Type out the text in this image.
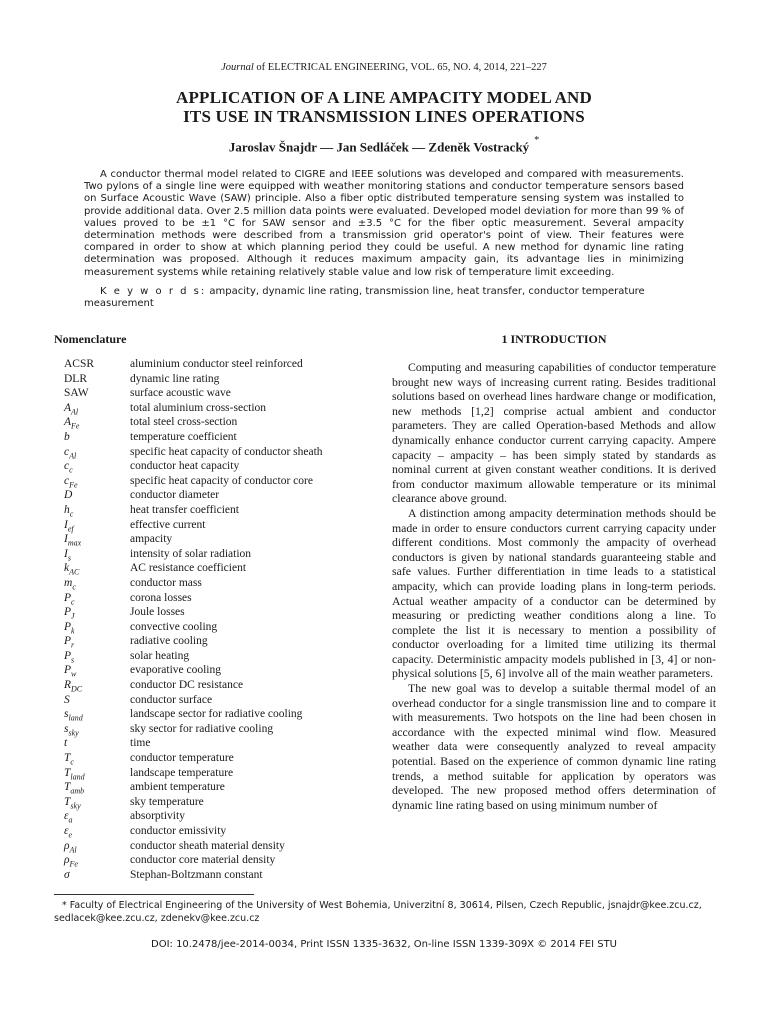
Journal of ELECTRICAL ENGINEERING, VOL. 65, NO. 4, 2014, 221–227
APPLICATION OF A LINE AMPACITY MODEL AND
ITS USE IN TRANSMISSION LINES OPERATIONS
Jaroslav Šnajdr — Jan Sedláček — Zdeněk Vostracký *
A conductor thermal model related to CIGRE and IEEE solutions was developed and compared with measurements. Two pylons of a single line were equipped with weather monitoring stations and conductor temperature sensors based on Surface Acoustic Wave (SAW) principle. Also a fiber optic distributed temperature sensing system was installed to provide additional data. Over 2.5 million data points were evaluated. Developed model deviation for more than 99 % of values proved to be ±1 °C for SAW sensor and ±3.5 °C for the fiber optic measurement. Several ampacity determination methods were described from a transmission grid operator's point of view. Their features were compared in order to show at which planning period they could be useful. A new method for dynamic line rating determination was proposed. Although it reduces maximum ampacity gain, its advantage lies in minimizing measurement systems while retaining relatively stable value and low risk of temperature limit exceeding.
K e y w o r d s: ampacity, dynamic line rating, transmission line, heat transfer, conductor temperature measurement
Nomenclature
ACSR	aluminium conductor steel reinforced
DLR	dynamic line rating
SAW	surface acoustic wave
$A_{Al}$	total aluminium cross-section
$A_{Fe}$	total steel cross-section
b	temperature coefficient
$c_{Al}$	specific heat capacity of conductor sheath
$c_c$	conductor heat capacity
$c_{Fe}$	specific heat capacity of conductor core
D	conductor diameter
$h_c$	heat transfer coefficient
$I_{ef}$	effective current
$I_{max}$	ampacity
$I_s$	intensity of solar radiation
$k_{AC}$	AC resistance coefficient
$m_c$	conductor mass
$P_c$	corona losses
$P_J$	Joule losses
$P_k$	convective cooling
$P_r$	radiative cooling
$P_s$	solar heating
$P_w$	evaporative cooling
$R_{DC}$	conductor DC resistance
S	conductor surface
$s_{land}$	landscape sector for radiative cooling
$s_{sky}$	sky sector for radiative cooling
t	time
$T_c$	conductor temperature
$T_{land}$	landscape temperature
$T_{amb}$	ambient temperature
$T_{sky}$	sky temperature
$\varepsilon_a$	absorptivity
$\varepsilon_e$	conductor emissivity
$\rho_{Al}$	conductor sheath material density
$\rho_{Fe}$	conductor core material density
σ	Stephan-Boltzmann constant
1 INTRODUCTION

Computing and measuring capabilities of conductor temperature brought new ways of increasing current rating. Besides traditional solutions based on overhead lines hardware change or modification, new methods [1,2] comprise actual ambient and conductor parameters. They are called Operation-based Methods and allow dynamically enhance conductor current carrying capacity. Ampere capacity – ampacity – has been simply stated by standards as nominal current at given constant weather conditions. It is derived from conductor maximum allowable temperature or its minimal clearance above ground.

A distinction among ampacity determination methods should be made in order to ensure conductors current carrying capacity under different conditions. Most commonly the ampacity of overhead conductors is given by national standards guaranteeing stable and safe values. Further differentiation in time leads to a statistical ampacity, which can provide loading plans in long-term periods. Actual weather ampacity of a conductor can be determined by measuring or predicting weather conditions along a line. To complete the list it is necessary to mention a possibility of conductor overloading for a limited time utilizing its thermal capacity. Deterministic ampacity models published in [3, 4] or non-physical solutions [5, 6] involve all of the main weather parameters.

The new goal was to develop a suitable thermal model of an overhead conductor for a single transmission line and to compare it with measurements. Two hotspots on the line had been chosen in accordance with the expected minimal wind flow. Measured weather data were consequently analyzed to reveal ampacity potential. Based on the experience of common dynamic line rating trends, a method suitable for application by operators was developed. The new proposed method offers determination of dynamic line rating based on using minimum number of

* Faculty of Electrical Engineering of the University of West Bohemia, Univerzitní 8, 30614, Pilsen, Czech Republic, jsnajdr@kee.zcu.cz, sedlacek@kee.zcu.cz, zdenekv@kee.zcu.cz
DOI: 10.2478/jee-2014-0034, Print ISSN 1335-3632, On-line ISSN 1339-309X © 2014 FEI STU
